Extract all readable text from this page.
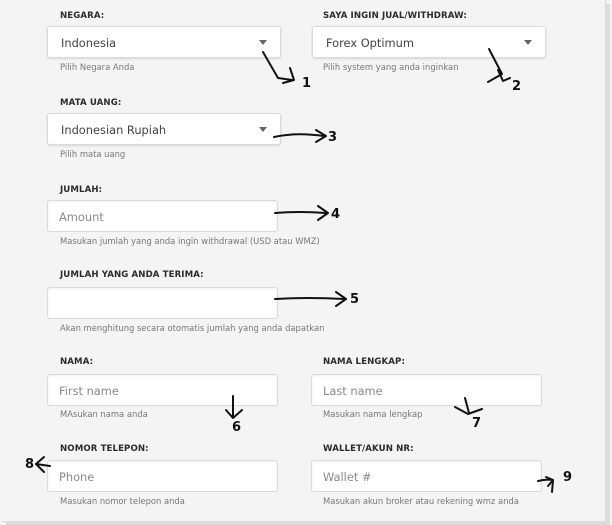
NEGARA:
Indonesia
Pilih Negara Anda
SAYA INGIN JUAL/WITHDRAW:
Forex Optimum
Pilih system yang anda inginkan
MATA UANG:
Indonesian Rupiah
Pilih mata uang
JUMLAH:
Amount
Masukan jumlah yang anda ingin withdrawal (USD atau WMZ)
JUMLAH YANG ANDA TERIMA:
Akan menghitung secara otomatis jumlah yang anda dapatkan
NAMA:
First name
MAsukan nama anda
NAMA LENGKAP:
Last name
Masukan nama lengkap
NOMOR TELEPON:
Phone
Masukan nomor telepon anda
WALLET/AKUN NR:
Wallet #
Masukan akun broker atau rekening wmz anda
1	2
3
4
5
6	7
8
9
